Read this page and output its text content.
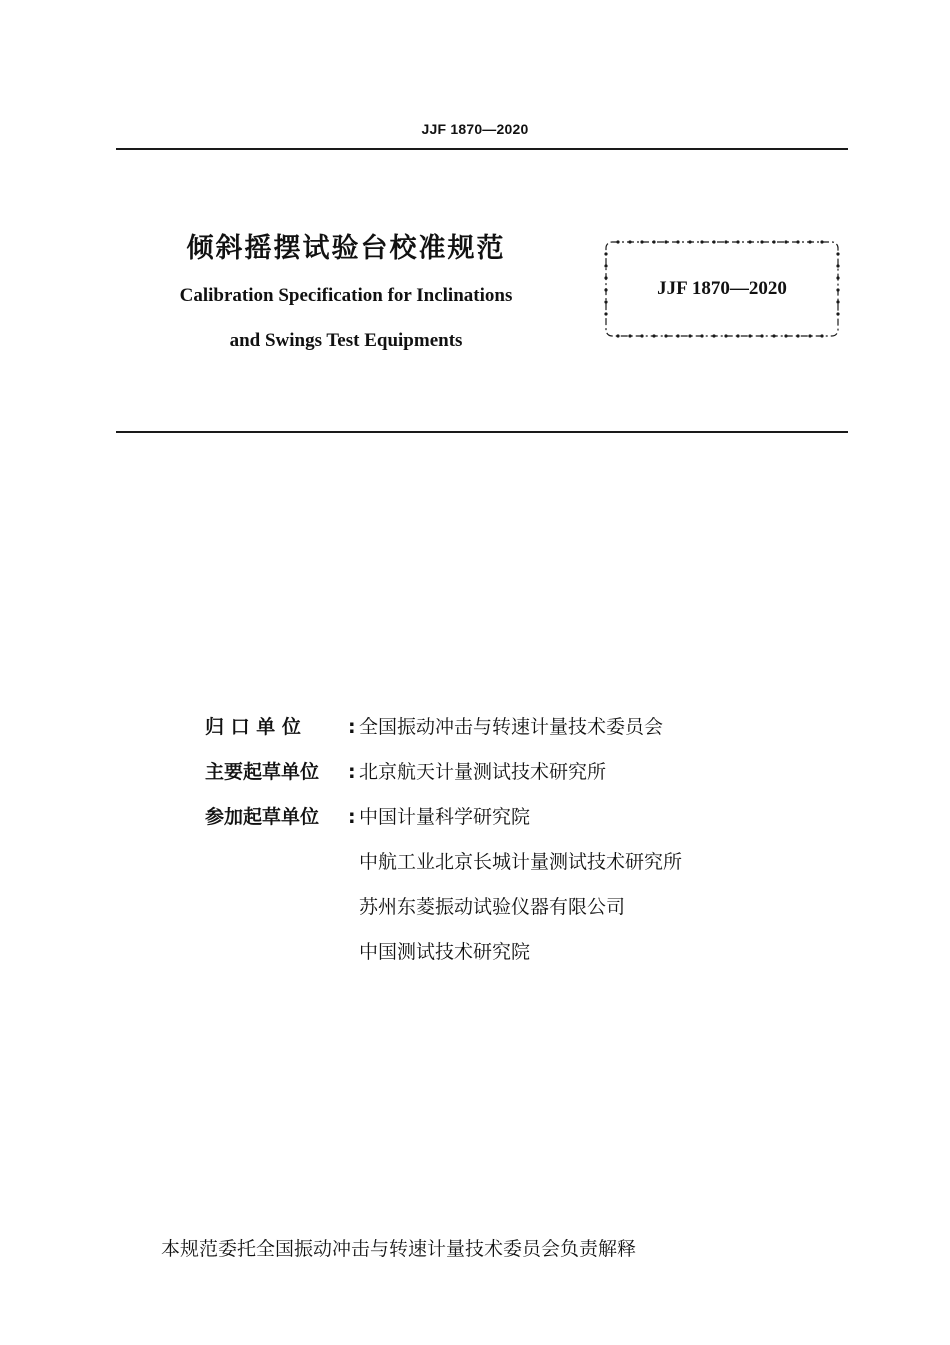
JJF 1870—2020
倾斜摇摆试验台校准规范
Calibration Specification for Inclinations
and Swings Test Equipments
JJF 1870—2020
归 口 单 位	: 全国振动冲击与转速计量技术委员会
主要起草单位	: 北京航天计量测试技术研究所
参加起草单位	: 中国计量科学研究院
中航工业北京长城计量测试技术研究所
苏州东菱振动试验仪器有限公司
中国测试技术研究院
本规范委托全国振动冲击与转速计量技术委员会负责解释
